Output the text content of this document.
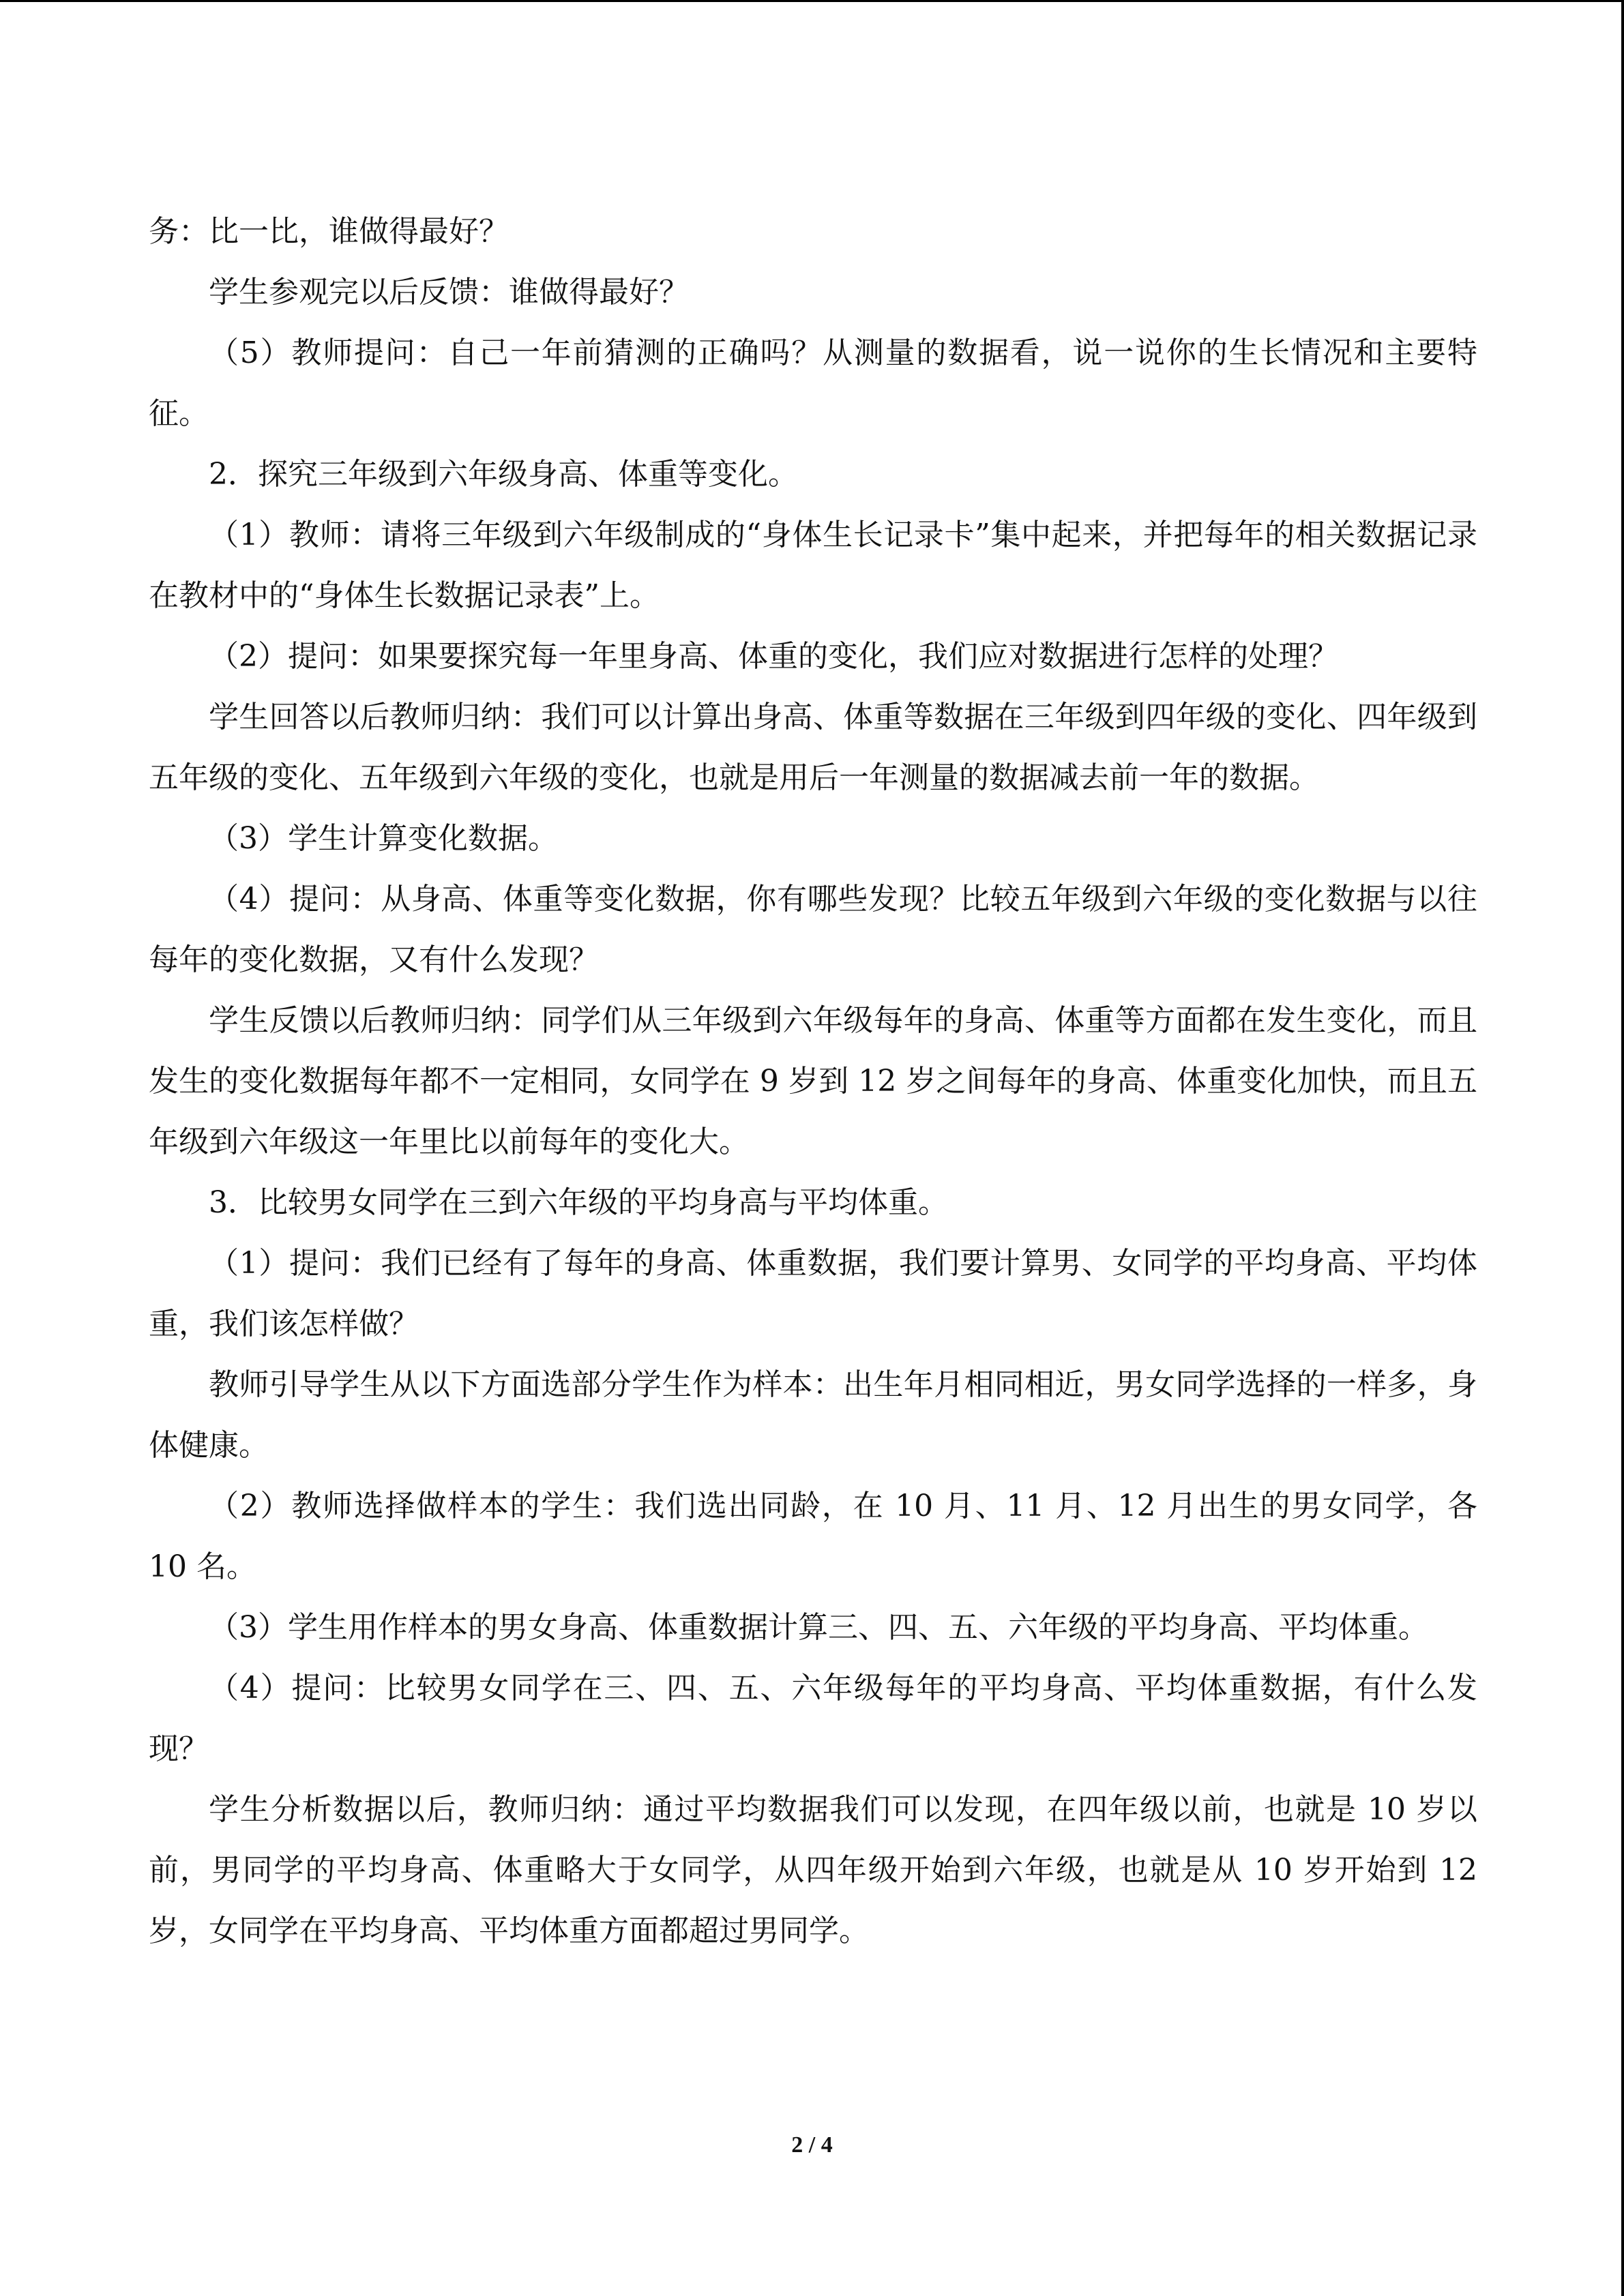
务：比一比，谁做得最好？

学生参观完以后反馈：谁做得最好？

（5）教师提问：自己一年前猜测的正确吗？从测量的数据看，说一说你的生长情况和主要特征。

2．探究三年级到六年级身高、体重等变化。

（1）教师：请将三年级到六年级制成的“身体生长记录卡”集中起来，并把每年的相关数据记录在教材中的“身体生长数据记录表”上。

（2）提问：如果要探究每一年里身高、体重的变化，我们应对数据进行怎样的处理？

学生回答以后教师归纳：我们可以计算出身高、体重等数据在三年级到四年级的变化、四年级到五年级的变化、五年级到六年级的变化，也就是用后一年测量的数据减去前一年的数据。

（3）学生计算变化数据。

（4）提问：从身高、体重等变化数据，你有哪些发现？比较五年级到六年级的变化数据与以往每年的变化数据，又有什么发现？

学生反馈以后教师归纳：同学们从三年级到六年级每年的身高、体重等方面都在发生变化，而且发生的变化数据每年都不一定相同，女同学在 9 岁到 12 岁之间每年的身高、体重变化加快，而且五年级到六年级这一年里比以前每年的变化大。

3．比较男女同学在三到六年级的平均身高与平均体重。

（1）提问：我们已经有了每年的身高、体重数据，我们要计算男、女同学的平均身高、平均体重，我们该怎样做？

教师引导学生从以下方面选部分学生作为样本：出生年月相同相近，男女同学选择的一样多，身体健康。

（2）教师选择做样本的学生：我们选出同龄，在 10 月、11 月、12 月出生的男女同学，各 10 名。

（3）学生用作样本的男女身高、体重数据计算三、四、五、六年级的平均身高、平均体重。

（4）提问：比较男女同学在三、四、五、六年级每年的平均身高、平均体重数据，有什么发现？

学生分析数据以后，教师归纳：通过平均数据我们可以发现，在四年级以前，也就是 10 岁以前，男同学的平均身高、体重略大于女同学，从四年级开始到六年级，也就是从 10 岁开始到 12 岁，女同学在平均身高、平均体重方面都超过男同学。

2 / 4
